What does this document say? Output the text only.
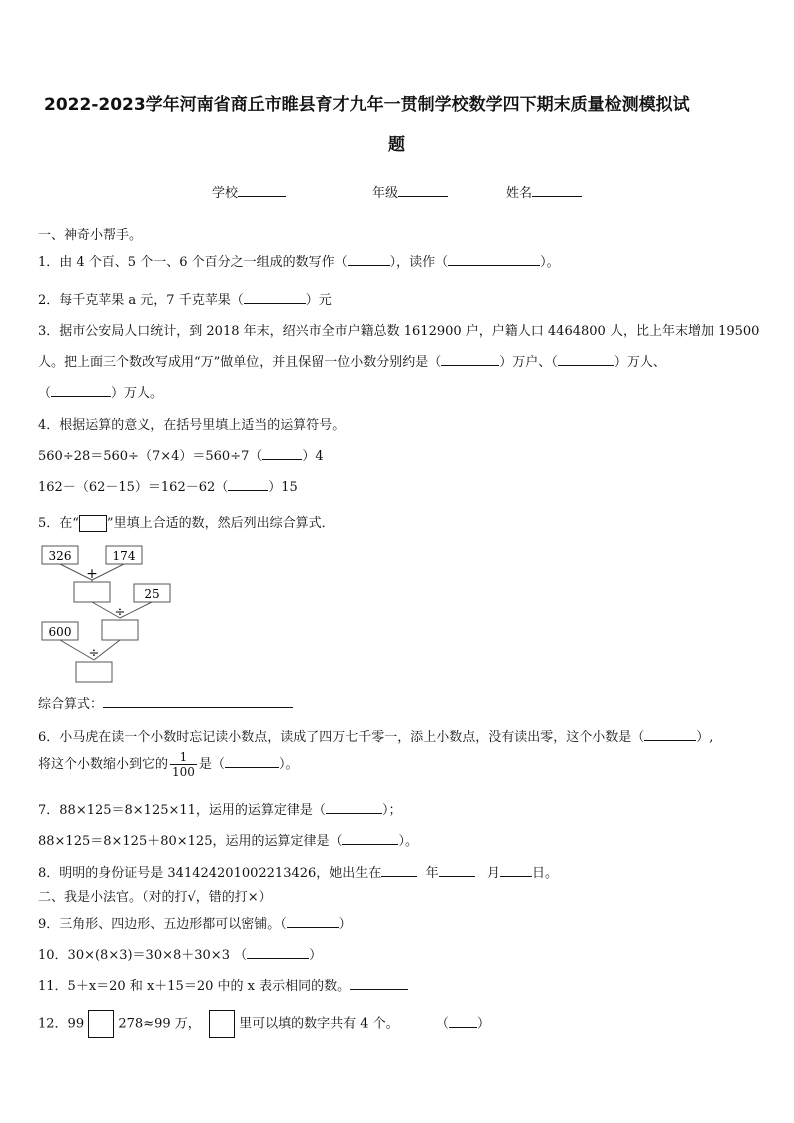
2022-2023学年河南省商丘市睢县育才九年一贯制学校数学四下期末质量检测模拟试
题
学校	年级	姓名
一、神奇小帮手。
1．由 4 个百、5 个一、6 个百分之一组成的数写作（	），读作（	）。
2．每千克苹果 a 元，7 千克苹果（	）元
3．据市公安局人口统计，到 2018 年末，绍兴市全市户籍总数 1612900 户，户籍人口 4464800 人，比上年末增加 19500
人。把上面三个数改写成用“万”做单位，并且保留一位小数分别约是（	）万户、（	）万人、
（	）万人。
4．根据运算的意义，在括号里填上适当的运算符号。
560÷28＝560÷（7×4）＝560÷7（	）4
162－（62－15）＝162－62（	）15
5．在“ ”里填上合适的数，然后列出综合算式．
326	174
+
25
÷
600
÷
综合算式：
6．小马虎在读一个小数时忘记读小数点，读成了四万七千零一，添上小数点，没有读出零，这个小数是（	）,
将这个小数缩小到它的 $\frac{1}{100}$ 是（	）。
7．88×125＝8×125×11，运用的运算定律是（	）；
88×125＝8×125＋80×125，运用的运算定律是（	）。
8．明明的身份证号是 341424201002213426，她出生在	年	月 日。
二、我是小法官。（对的打√，错的打×）
9．三角形、四边形、五边形都可以密铺。（	）
10．30×(8×3)＝30×8＋30×3 （	）
11．5＋x＝20 和 x＋15＝20 中的 x 表示相同的数。
12．99	278≈99 万，	里可以填的数字共有 4 个。	（ ）
